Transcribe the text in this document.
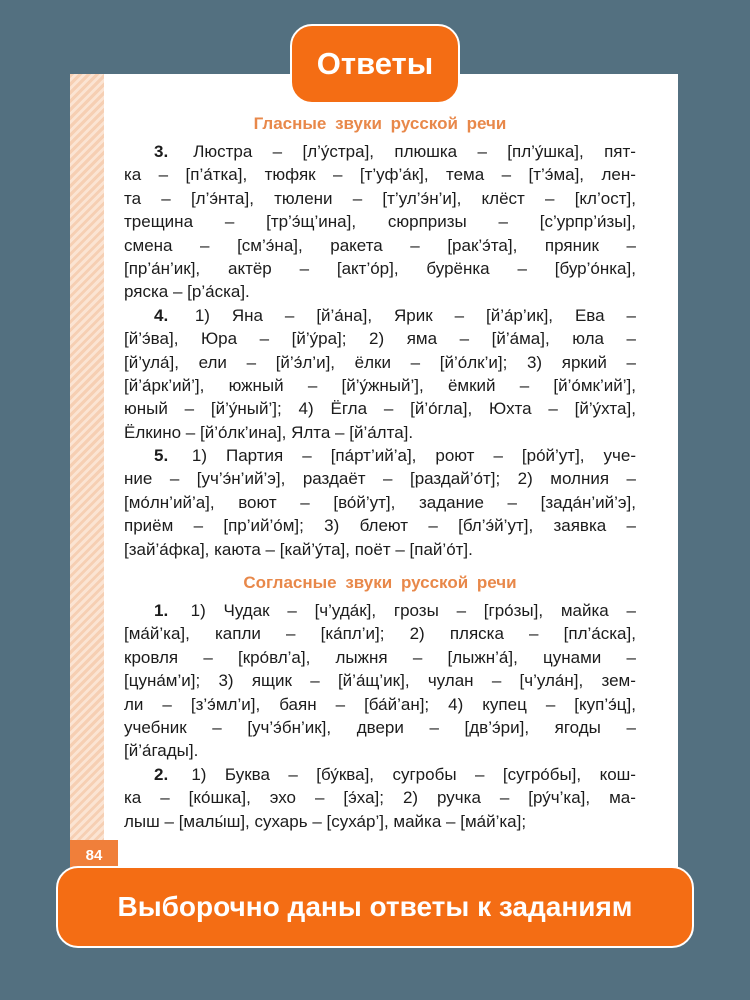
84
Гласные звуки русской речи
3. Люстра – [л’у́стра], плюшка – [пл’у́шка], пят-
ка – [п’а́тка], тюфяк – [т’уф’а́к], тема – [т’э́ма], лен-
та – [л’э́нта], тюлени – [т’ул’э́н’и], клёст – [кл’ост],
трещина – [тр’э́щ’ина], сюрпризы – [с’урпр’и́зы],
смена – [см’э́на], ракета – [рак’э́та], пряник –
[пр’а́н’ик], актёр – [акт’о́р], бурёнка – [бур’о́нка],
ряска – [р’а́ска].
4. 1) Яна – [й’а́на], Ярик – [й’а́р’ик], Ева –
[й’э́ва], Юра – [й’у́ра]; 2) яма – [й’а́ма], юла –
[й’ула́], ели – [й’э́л’и], ёлки – [й’о́лк’и]; 3) яркий –
[й’а́рк’ий’], южный – [й’у́жный’], ёмкий – [й’о́мк’ий’],
юный – [й’у́ный’]; 4) Ёгла – [й’о́гла], Юхта – [й’у́хта],
Ёлкино – [й’о́лк’ина], Ялта – [й’а́лта].
5. 1) Партия – [па́рт’ий’а], роют – [ро́й’ут], уче-
ние – [уч’э́н’ий’э], раздаёт – [раздай’о́т]; 2) молния –
[мо́лн’ий’а], воют – [во́й’ут], задание – [зада́н’ий’э],
приём – [пр’ий’о́м]; 3) блеют – [бл’э́й’ут], заявка –
[зай’а́фка], каюта – [кай’у́та], поёт – [пай’о́т].
Согласные звуки русской речи
1. 1) Чудак – [ч’уда́к], грозы – [гро́зы], майка –
[ма́й’ка], капли – [ка́пл’и]; 2) пляска – [пл’а́ска],
кровля – [кро́вл’а], лыжня – [лыжн’а́], цунами –
[цуна́м’и]; 3) ящик – [й’а́щ’ик], чулан – [ч’ула́н], зем-
ли – [з’э́мл’и], баян – [ба́й’ан]; 4) купец – [куп’э́ц],
учебник – [уч’э́бн’ик], двери – [дв’э́ри], ягоды –
[й’а́гады].
2. 1) Буква – [бу́ква], сугробы – [сугро́бы], кош-
ка – [ко́шка], эхо – [э́ха]; 2) ручка – [ру́ч’ка], ма-
лыш – [малы́ш], сухарь – [суха́р’], майка – [ма́й’ка];
Ответы
Выборочно даны ответы к заданиям
